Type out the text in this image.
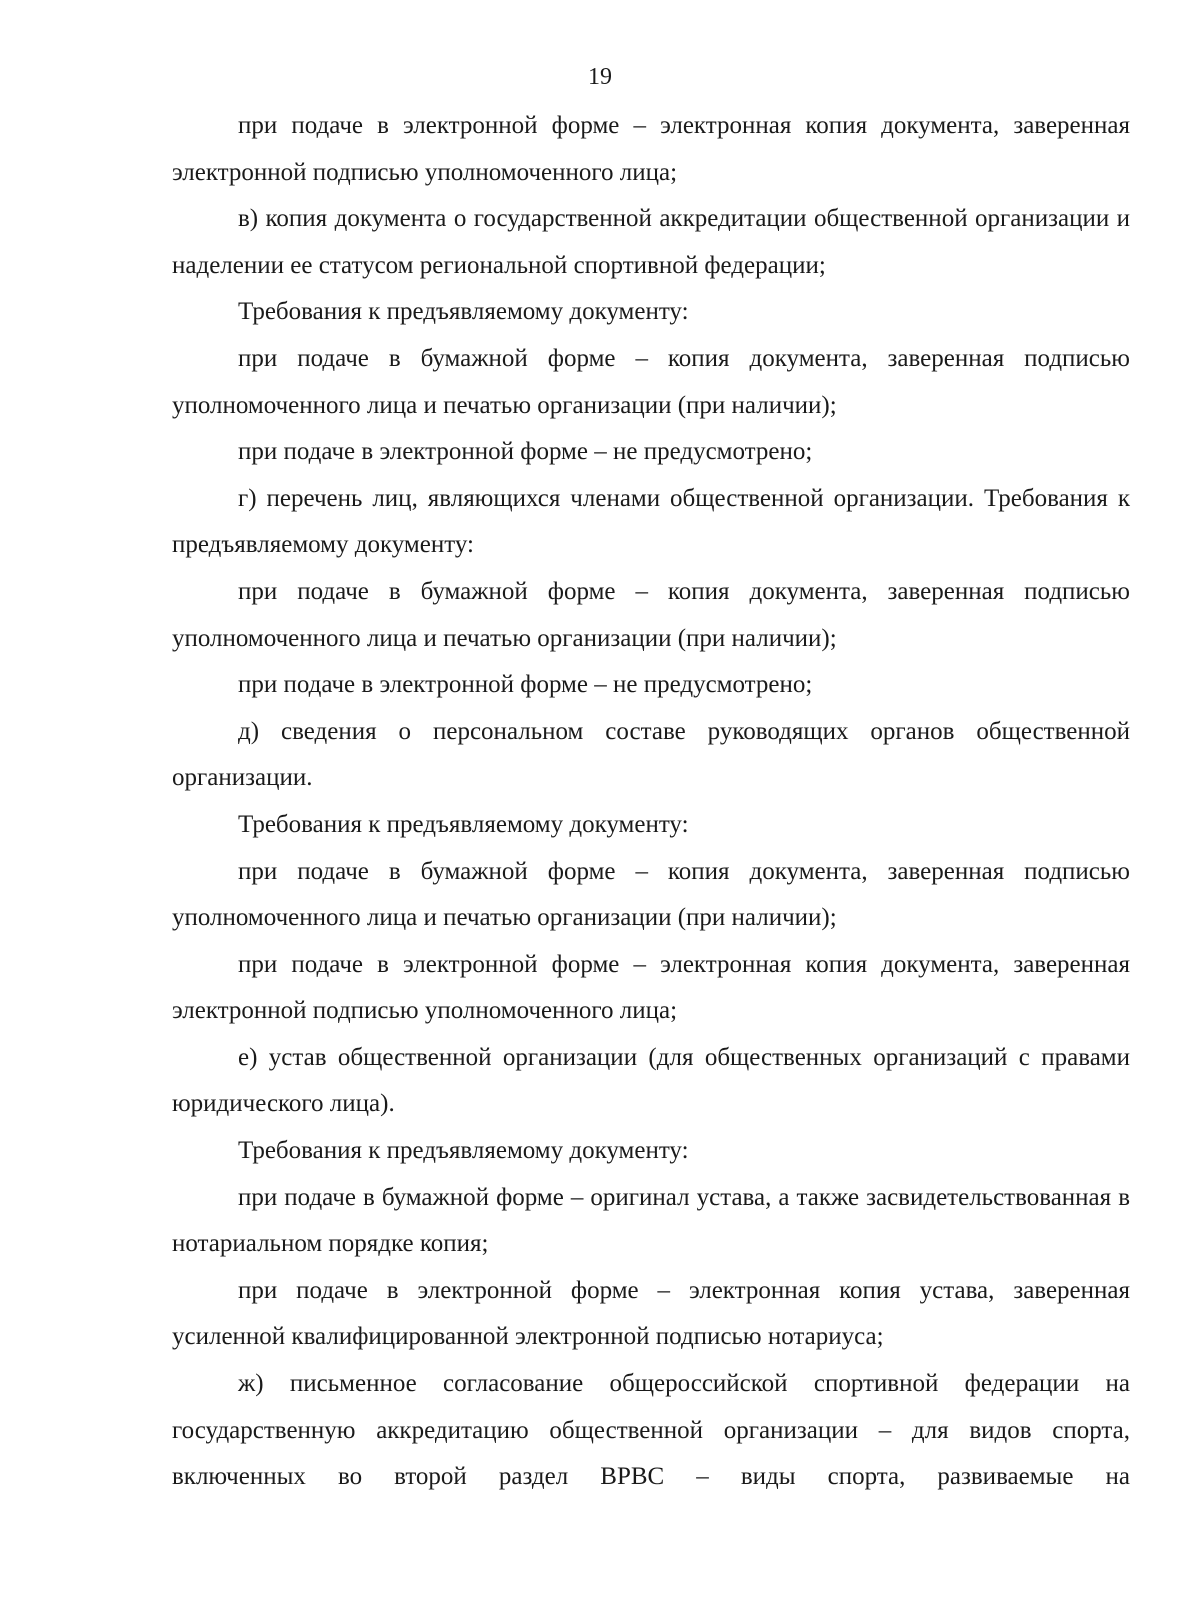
19

при подаче в электронной форме – электронная копия документа, заверенная электронной подписью уполномоченного лица;

в) копия документа о государственной аккредитации общественной организации и наделении ее статусом региональной спортивной федерации;

Требования к предъявляемому документу:

при подаче в бумажной форме – копия документа, заверенная подписью уполномоченного лица и печатью организации (при наличии);

при подаче в электронной форме – не предусмотрено;

г) перечень лиц, являющихся членами общественной организации. Требования к предъявляемому документу:

при подаче в бумажной форме – копия документа, заверенная подписью уполномоченного лица и печатью организации (при наличии);

при подаче в электронной форме – не предусмотрено;

д) сведения о персональном составе руководящих органов общественной организации.

Требования к предъявляемому документу:

при подаче в бумажной форме – копия документа, заверенная подписью уполномоченного лица и печатью организации (при наличии);

при подаче в электронной форме – электронная копия документа, заверенная электронной подписью уполномоченного лица;

е) устав общественной организации (для общественных организаций с правами юридического лица).

Требования к предъявляемому документу:

при подаче в бумажной форме – оригинал устава, а также засвидетельствованная в нотариальном порядке копия;

при подаче в электронной форме – электронная копия устава, заверенная усиленной квалифицированной электронной подписью нотариуса;

ж) письменное согласование общероссийской спортивной федерации на государственную аккредитацию общественной организации – для видов спорта, включенных во второй раздел ВРВС – виды спорта, развиваемые на
